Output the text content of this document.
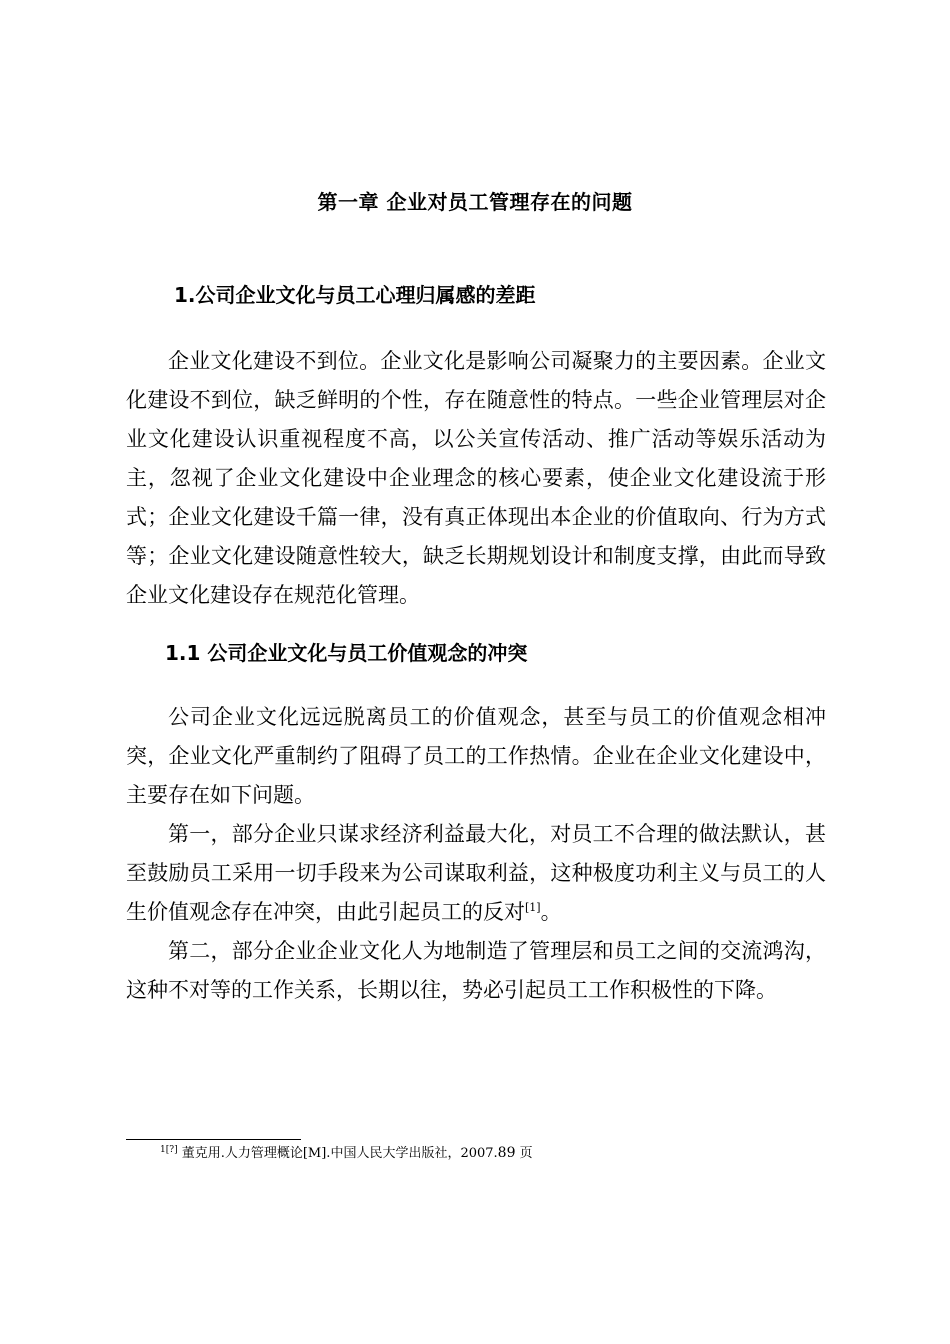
第一章 企业对员工管理存在的问题
1.公司企业文化与员工心理归属感的差距

企业文化建设不到位。企业文化是影响公司凝聚力的主要因素。企业文化建设不到位，缺乏鲜明的个性，存在随意性的特点。一些企业管理层对企业文化建设认识重视程度不高，以公关宣传活动、推广活动等娱乐活动为主，忽视了企业文化建设中企业理念的核心要素，使企业文化建设流于形式；企业文化建设千篇一律，没有真正体现出本企业的价值取向、行为方式等；企业文化建设随意性较大，缺乏长期规划设计和制度支撑，由此而导致企业文化建设存在规范化管理。

1.1 公司企业文化与员工价值观念的冲突

公司企业文化远远脱离员工的价值观念，甚至与员工的价值观念相冲突，企业文化严重制约了阻碍了员工的工作热情。企业在企业文化建设中，主要存在如下问题。

第一，部分企业只谋求经济利益最大化，对员工不合理的做法默认，甚至鼓励员工采用一切手段来为公司谋取利益，这种极度功利主义与员工的人生价值观念存在冲突，由此引起员工的反对[1]。

第二，部分企业企业文化人为地制造了管理层和员工之间的交流鸿沟，这种不对等的工作关系，长期以往，势必引起员工工作积极性的下降。

$^{1[?]}$ 董克用.人力管理概论[M].中国人民大学出版社，2007.89 页
